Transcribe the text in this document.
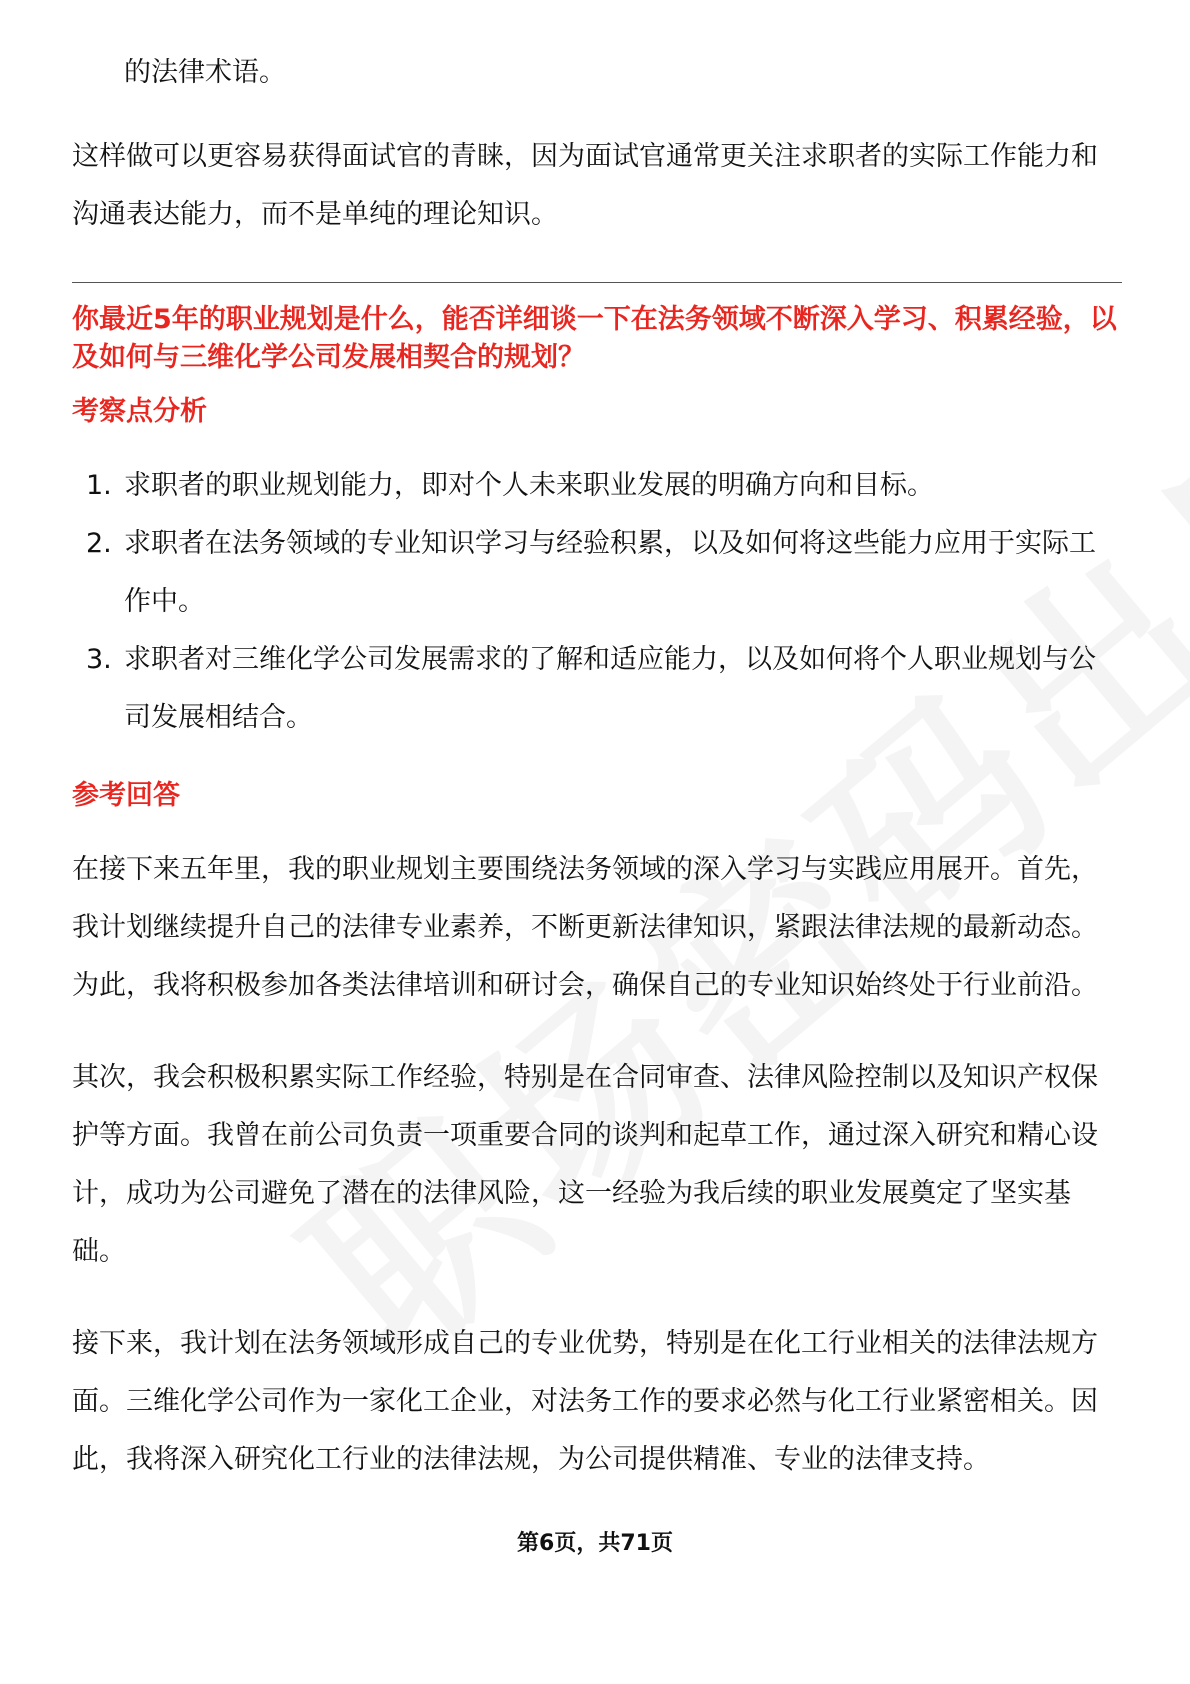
的法律术语。

这样做可以更容易获得面试官的青睐，因为面试官通常更关注求职者的实际工作能力和沟通表达能力，而不是单纯的理论知识。

你最近5年的职业规划是什么，能否详细谈一下在法务领域不断深入学习、积累经验，以及如何与三维化学公司发展相契合的规划？
考察点分析
1. 求职者的职业规划能力，即对个人未来职业发展的明确方向和目标。
2. 求职者在法务领域的专业知识学习与经验积累，以及如何将这些能力应用于实际工作中。
3. 求职者对三维化学公司发展需求的了解和适应能力，以及如何将个人职业规划与公司发展相结合。
参考回答

在接下来五年里，我的职业规划主要围绕法务领域的深入学习与实践应用展开。首先，我计划继续提升自己的法律专业素养，不断更新法律知识，紧跟法律法规的最新动态。为此，我将积极参加各类法律培训和研讨会，确保自己的专业知识始终处于行业前沿。

其次，我会积极积累实际工作经验，特别是在合同审查、法律风险控制以及知识产权保护等方面。我曾在前公司负责一项重要合同的谈判和起草工作，通过深入研究和精心设计，成功为公司避免了潜在的法律风险，这一经验为我后续的职业发展奠定了坚实基础。

接下来，我计划在法务领域形成自己的专业优势，特别是在化工行业相关的法律法规方面。三维化学公司作为一家化工企业，对法务工作的要求必然与化工行业紧密相关。因此，我将深入研究化工行业的法律法规，为公司提供精准、专业的法律支持。

第6页，共71页
